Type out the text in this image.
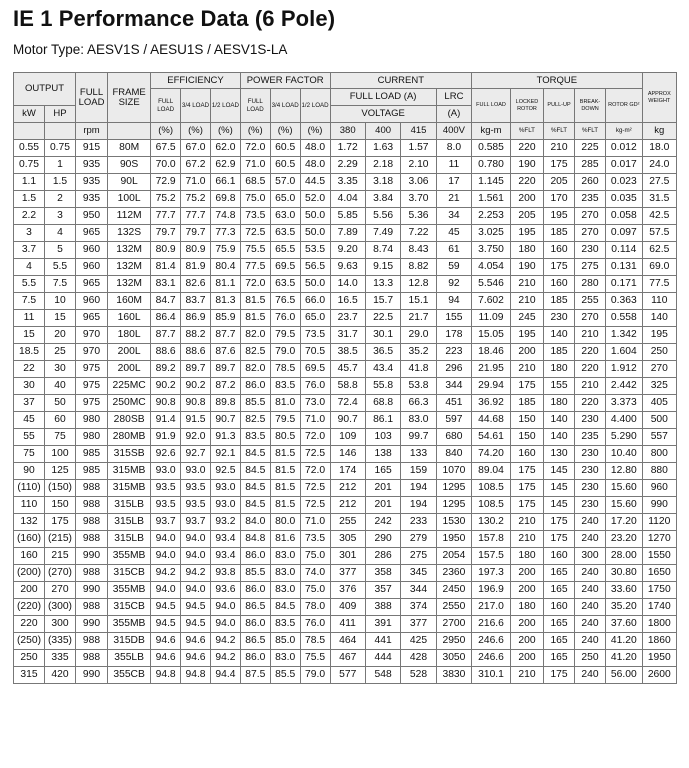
IE 1 Performance Data (6 Pole)
Motor Type: AESV1S / AESU1S / AESV1S-LA
OUTPUT		FULL LOAD	FRAME SIZE	EFFICIENCY			POWER FACTOR			CURRENT				TORQUE					APPROX WEIGHT
				FULL LOAD	3/4 LOAD	1/2 LOAD	FULL LOAD	3/4 LOAD	1/2 LOAD	FULL LOAD (A)			LRC	FULL LOAD	LOCKED ROTOR	PULL-UP	BREAK-DOWN	ROTOR GD²	
kW	HP									VOLTAGE			(A)						
		rpm		(%)	(%)	(%)	(%)	(%)	(%)	380	400	415	400V	kg-m	%FLT	%FLT	%FLT	kg-m²	kg
0.55	0.75	915	80M	67.5	67.0	62.0	72.0	60.5	48.0	1.72	1.63	1.57	8.0	0.585	220	210	225	0.012	18.0
0.75	1	935	90S	70.0	67.2	62.9	71.0	60.5	48.0	2.29	2.18	2.10	11	0.780	190	175	285	0.017	24.0
1.1	1.5	935	90L	72.9	71.0	66.1	68.5	57.0	44.5	3.35	3.18	3.06	17	1.145	220	205	260	0.023	27.5
1.5	2	935	100L	75.2	75.2	69.8	75.0	65.0	52.0	4.04	3.84	3.70	21	1.561	200	170	235	0.035	31.5
2.2	3	950	112M	77.7	77.7	74.8	73.5	63.0	50.0	5.85	5.56	5.36	34	2.253	205	195	270	0.058	42.5
3	4	965	132S	79.7	79.7	77.3	72.5	63.5	50.0	7.89	7.49	7.22	45	3.025	195	185	270	0.097	57.5
3.7	5	960	132M	80.9	80.9	75.9	75.5	65.5	53.5	9.20	8.74	8.43	61	3.750	180	160	230	0.114	62.5
4	5.5	960	132M	81.4	81.9	80.4	77.5	69.5	56.5	9.63	9.15	8.82	59	4.054	190	175	275	0.131	69.0
5.5	7.5	965	132M	83.1	82.6	81.1	72.0	63.5	50.0	14.0	13.3	12.8	92	5.546	210	160	280	0.171	77.5
7.5	10	960	160M	84.7	83.7	81.3	81.5	76.5	66.0	16.5	15.7	15.1	94	7.602	210	185	255	0.363	110
11	15	965	160L	86.4	86.9	85.9	81.5	76.0	65.0	23.7	22.5	21.7	155	11.09	245	230	270	0.558	140
15	20	970	180L	87.7	88.2	87.7	82.0	79.5	73.5	31.7	30.1	29.0	178	15.05	195	140	210	1.342	195
18.5	25	970	200L	88.6	88.6	87.6	82.5	79.0	70.5	38.5	36.5	35.2	223	18.46	200	185	220	1.604	250
22	30	975	200L	89.2	89.7	89.7	82.0	78.5	69.5	45.7	43.4	41.8	296	21.95	210	180	220	1.912	270
30	40	975	225MC	90.2	90.2	87.2	86.0	83.5	76.0	58.8	55.8	53.8	344	29.94	175	155	210	2.442	325
37	50	975	250MC	90.8	90.8	89.8	85.5	81.0	73.0	72.4	68.8	66.3	451	36.92	185	180	220	3.373	405
45	60	980	280SB	91.4	91.5	90.7	82.5	79.5	71.0	90.7	86.1	83.0	597	44.68	150	140	230	4.400	500
55	75	980	280MB	91.9	92.0	91.3	83.5	80.5	72.0	109	103	99.7	680	54.61	150	140	235	5.290	557
75	100	985	315SB	92.6	92.7	92.1	84.5	81.5	72.5	146	138	133	840	74.20	160	130	230	10.40	800
90	125	985	315MB	93.0	93.0	92.5	84.5	81.5	72.0	174	165	159	1070	89.04	175	145	230	12.80	880
(110)	(150)	988	315MB	93.5	93.5	93.0	84.5	81.5	72.5	212	201	194	1295	108.5	175	145	230	15.60	960
110	150	988	315LB	93.5	93.5	93.0	84.5	81.5	72.5	212	201	194	1295	108.5	175	145	230	15.60	990
132	175	988	315LB	93.7	93.7	93.2	84.0	80.0	71.0	255	242	233	1530	130.2	210	175	240	17.20	1120
(160)	(215)	988	315LB	94.0	94.0	93.4	84.8	81.6	73.5	305	290	279	1950	157.8	210	175	240	23.20	1270
160	215	990	355MB	94.0	94.0	93.4	86.0	83.0	75.0	301	286	275	2054	157.5	180	160	300	28.00	1550
(200)	(270)	988	315CB	94.2	94.2	93.8	85.5	83.0	74.0	377	358	345	2360	197.3	200	165	240	30.80	1650
200	270	990	355MB	94.0	94.0	93.6	86.0	83.0	75.0	376	357	344	2450	196.9	200	165	240	33.60	1750
(220)	(300)	988	315CB	94.5	94.5	94.0	86.5	84.5	78.0	409	388	374	2550	217.0	180	160	240	35.20	1740
220	300	990	355MB	94.5	94.5	94.0	86.0	83.5	76.0	411	391	377	2700	216.6	200	165	240	37.60	1800
(250)	(335)	988	315DB	94.6	94.6	94.2	86.5	85.0	78.5	464	441	425	2950	246.6	200	165	240	41.20	1860
250	335	988	355LB	94.6	94.6	94.2	86.0	83.0	75.5	467	444	428	3050	246.6	200	165	250	41.20	1950
315	420	990	355CB	94.8	94.8	94.4	87.5	85.5	79.0	577	548	528	3830	310.1	210	175	240	56.00	2600
